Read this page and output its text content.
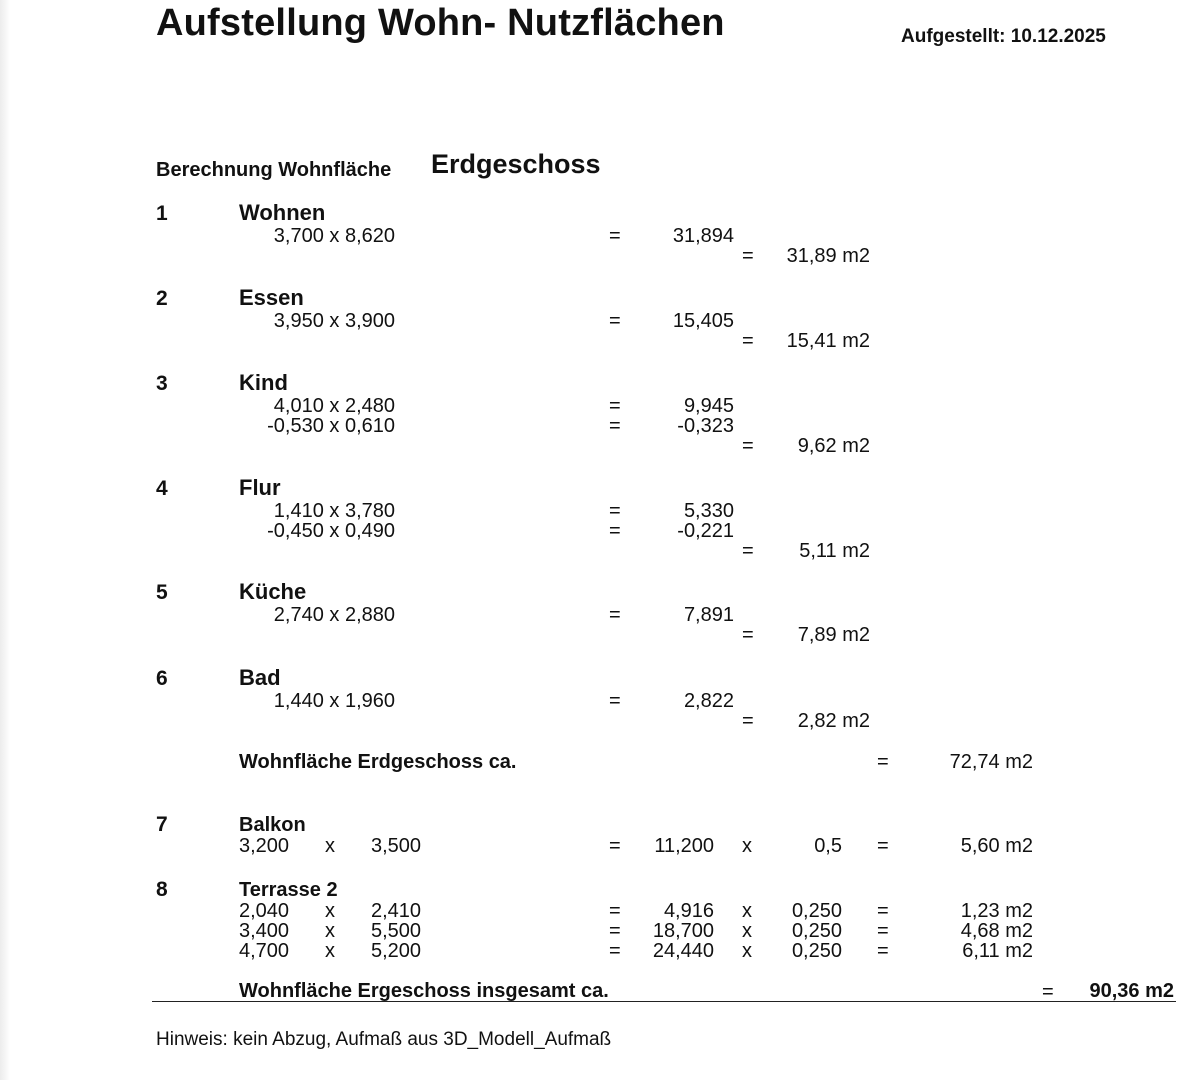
Aufstellung Wohn- Nutzflächen	Aufgestellt: 10.12.2025
Berechnung Wohnfläche Erdgeschoss
1	Wohnen
3,700 x 8,620	=	31,894
= 31,89 m2
2	Essen
3,950 x 3,900	=	15,405
= 15,41 m2
3	Kind
4,010 x 2,480	=	9,945
-0,530 x 0,610	=	-0,323
= 9,62 m2
4	Flur
1,410 x 3,780	=	5,330
-0,450 x 0,490	=	-0,221
= 5,11 m2
5	Küche
2,740 x 2,880	=	7,891
= 7,89 m2
6	Bad
1,440 x 1,960	=	2,822
= 2,82 m2
Wohnfläche Erdgeschoss ca.	=	72,74 m2
7	Balkon
3,200 x 3,500	= 11,200 x	0,5 =	5,60 m2
8	Terrasse 2
2,040 x 2,410	= 4,916 x 0,250 =	1,23 m2
3,400 x 5,500	= 18,700 x 0,250 =	4,68 m2
4,700 x 5,200	= 24,440 x 0,250 =	6,11 m2
Wohnfläche Ergeschoss insgesamt ca.	= 90,36 m2
Hinweis: kein Abzug, Aufmaß aus 3D_Modell_Aufmaß
